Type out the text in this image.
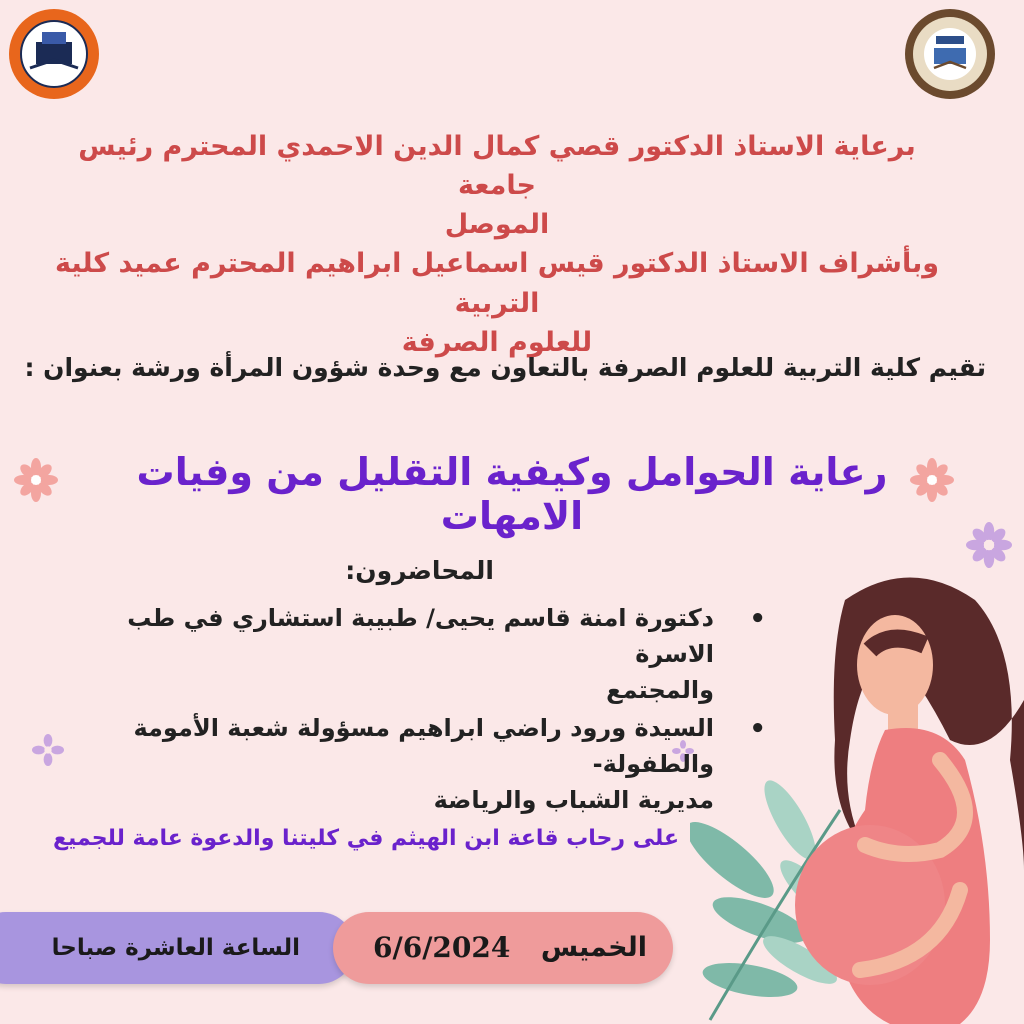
برعاية الاستاذ الدكتور قصي كمال الدين الاحمدي المحترم رئيس جامعة
الموصل
وبأشراف الاستاذ الدكتور قيس اسماعيل ابراهيم المحترم عميد كلية التربية
للعلوم الصرفة
تقيم كلية التربية للعلوم الصرفة بالتعاون مع وحدة شؤون المرأة ورشة بعنوان :
رعاية الحوامل وكيفية التقليل من وفيات الامهات
المحاضرون:
• دكتورة امنة قاسم يحيى/ طبيبة استشاري في طب الاسرة
والمجتمع
• السيدة ورود راضي ابراهيم مسؤولة شعبة الأمومة والطفولة-
مديرية الشباب والرياضة
على رحاب قاعة ابن الهيثم في كليتنا والدعوة عامة للجميع
الساعة العاشرة صباحا	الخميس
6/6/2024
